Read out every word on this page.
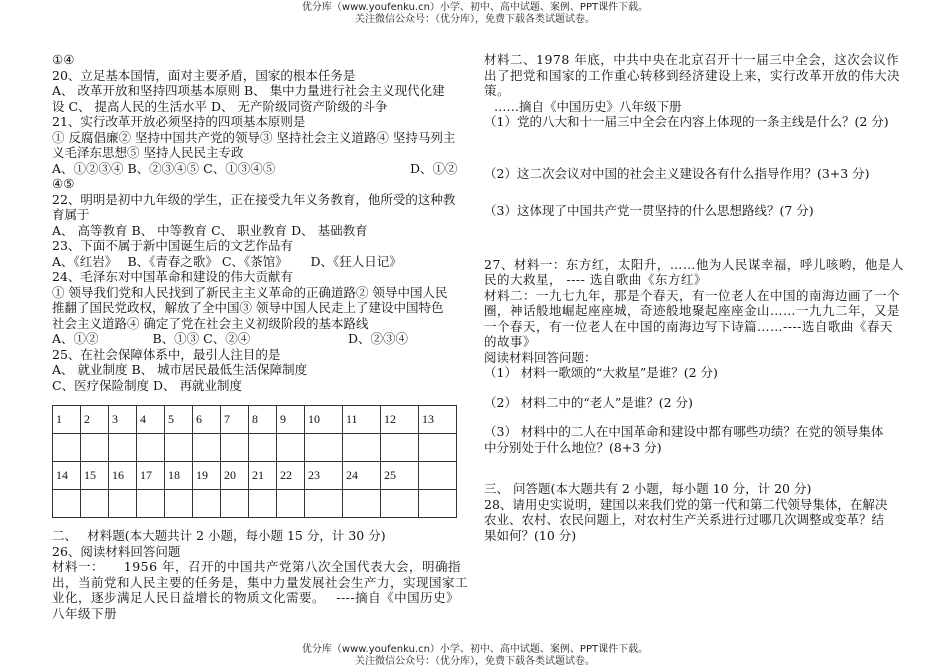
优分库（www.youfenku.cn）小学、初中、高中试题、案例、PPT课件下载。
关注微信公众号：（优分库），免费下载各类试题试卷。

①④

20、立足基本国情，面对主要矛盾，国家的根本任务是

A、 改革开放和坚持四项基本原则 B、 集中力量进行社会主义现代化建

设 C、 提高人民的生活水平 D、 无产阶级同资产阶级的斗争

21、实行改革开放必须坚持的四项基本原则是

① 反腐倡廉② 坚持中国共产党的领导③ 坚持社会主义道路④ 坚持马列主

义毛泽东思想⑤ 坚持人民民主专政

A、①②③④ B、②③④⑤ C、①③④⑤	D、①②

④⑤

22、明明是初中九年级的学生，正在接受九年义务教育，他所受的这种教

育属于

A、 高等教育 B、 中等教育 C、 职业教育 D、 基础教育

23、下面不属于新中国诞生后的文艺作品有

A、《红岩》　 B、《青春之歌》 C、《茶馆》　　 D、《狂人日记》

24、毛泽东对中国革命和建设的伟大贡献有

① 领导我们党和人民找到了新民主主义革命的正确道路② 领导中国人民

推翻了国民党政权，解放了全中国③ 领导中国人民走上了建设中国特色

社会主义道路④ 确定了党在社会主义初级阶段的基本路线

A、①②　　　　 B、①③ C、②④	D、②③④

25、在社会保障体系中，最引人注目的是

A、 就业制度 B、 城市居民最低生活保障制度

C、医疗保险制度 D、 再就业制度

1	2	3	4	5	6	7	8	9	10	11	12	13

14	15	16	17	18	19	20	21	22	23	24	25	

二、　 材料题(本大题共计 2 小题，每小题 15 分，计 30 分)

26、阅读材料回答问题

材料一：　　1956 年，召开的中国共产党第八次全国代表大会，明确指

出，当前党和人民主要的任务是，集中力量发展社会生产力，实现国家工

业化，逐步满足人民日益增长的物质文化需要。　 ----摘自《中国历史》

八年级下册

材料二、1978 年底，中共中央在北京召开十一届三中全会，这次会议作

出了把党和国家的工作重心转移到经济建设上来，实行改革开放的伟大决

策。

……摘自《中国历史》八年级下册

（1）党的八大和十一届三中全会在内容上体现的一条主线是什么？(2 分)

（2）这二次会议对中国的社会主义建设各有什么指导作用？(3+3 分)

（3）这体现了中国共产党一贯坚持的什么思想路线？(7 分)

27、材料一：东方红，太阳升，……他为人民谋幸福，呼儿咳哟，他是人

民的大救星， ---- 选自歌曲《东方红》

材料二：一九七九年，那是个春天，有一位老人在中国的南海边画了一个

圈，神话般地崛起座座城，奇迹般地聚起座座金山……一九九二年，又是

一个春天，有一位老人在中国的南海边写下诗篇……----选自歌曲《春天

的故事》

阅读材料回答问题：

（1） 材料一歌颂的“大救星”是谁？(2 分)

（2） 材料二中的“老人”是谁？(2 分)

（3） 材料中的二人在中国革命和建设中都有哪些功绩？在党的领导集体

中分别处于什么地位？(8+3 分)

三、 问答题(本大题共有 2 小题，每小题 10 分，计 20 分)

28、请用史实说明，建国以来我们党的第一代和第二代领导集体，在解决

农业、农村、农民问题上，对农村生产关系进行过哪几次调整或变革？结

果如何？(10 分)

优分库（www.youfenku.cn）小学、初中、高中试题、案例、PPT课件下载。
关注微信公众号：（优分库），免费下载各类试题试卷。
